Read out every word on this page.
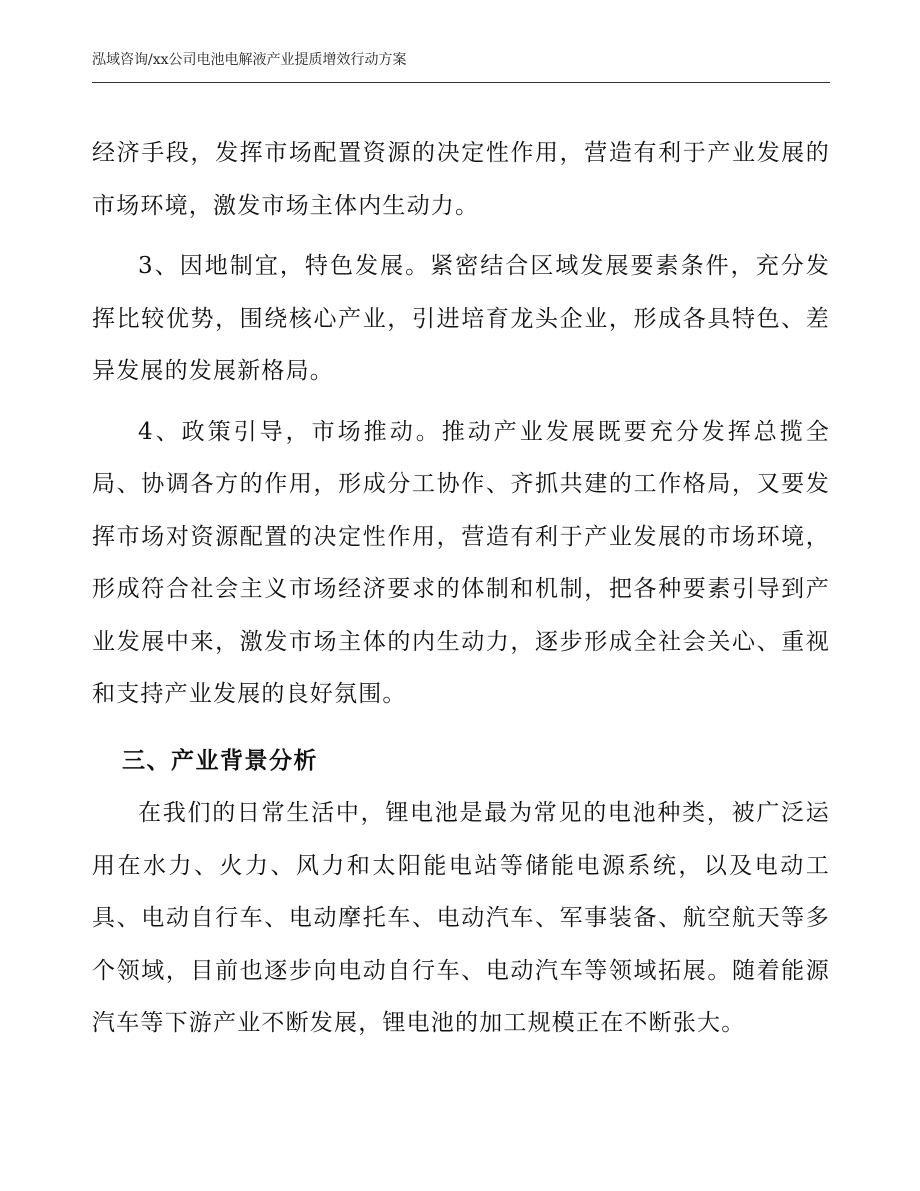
泓域咨询/xx公司电池电解液产业提质增效行动方案

经济手段，发挥市场配置资源的决定性作用，营造有利于产业发展的市场环境，激发市场主体内生动力。

3、因地制宜，特色发展。紧密结合区域发展要素条件，充分发挥比较优势，围绕核心产业，引进培育龙头企业，形成各具特色、差异发展的发展新格局。

4、政策引导，市场推动。推动产业发展既要充分发挥总揽全局、协调各方的作用，形成分工协作、齐抓共建的工作格局，又要发挥市场对资源配置的决定性作用，营造有利于产业发展的市场环境，形成符合社会主义市场经济要求的体制和机制，把各种要素引导到产业发展中来，激发市场主体的内生动力，逐步形成全社会关心、重视和支持产业发展的良好氛围。

三、产业背景分析

在我们的日常生活中，锂电池是最为常见的电池种类，被广泛运用在水力、火力、风力和太阳能电站等储能电源系统，以及电动工具、电动自行车、电动摩托车、电动汽车、军事装备、航空航天等多个领域，目前也逐步向电动自行车、电动汽车等领域拓展。随着能源汽车等下游产业不断发展，锂电池的加工规模正在不断张大。
